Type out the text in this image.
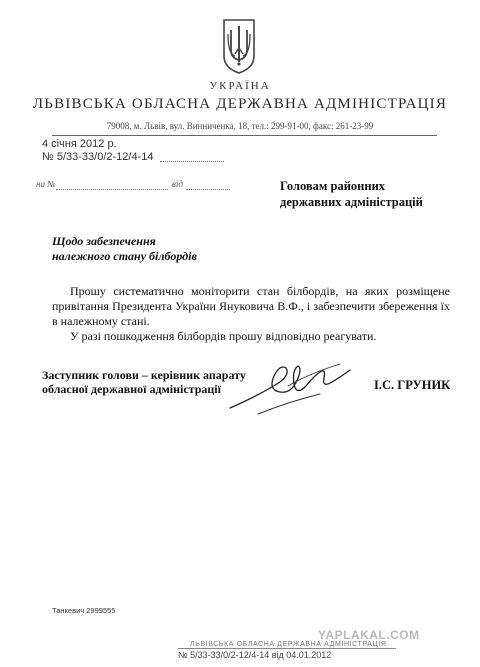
УКРАЇНА
ЛЬВІВСЬКА ОБЛАСНА ДЕРЖАВНА АДМІНІСТРАЦІЯ
79008, м. Львів, вул. Винниченка, 18, тел.: 299-91-00, факс: 261-23-99
4 січня 2012 р.
№ 5/33-33/0/2-12/4-14
на №	від	Головам районних
державних адміністрацій
Щодо забезпечення
належного стану білбордів
Прошу систематично моніторити стан білбордів, на яких розміщене привітання Президента України Януковича В.Ф., і забезпечити збереження їх в належному стані.
У разі пошкодження білбордів прошу відповідно реагувати.
Заступник голови – керівник апарату
обласної державної адміністрації	І.С. ГРУНИК
Танкевич 2999555
YAPLAKAL.COM
ЛЬВІВСЬКА ОБЛАСНА ДЕРЖАВНА АДМІНІСТРАЦІЯ
№ 5/33-33/0/2-12/4-14 від 04.01.2012
